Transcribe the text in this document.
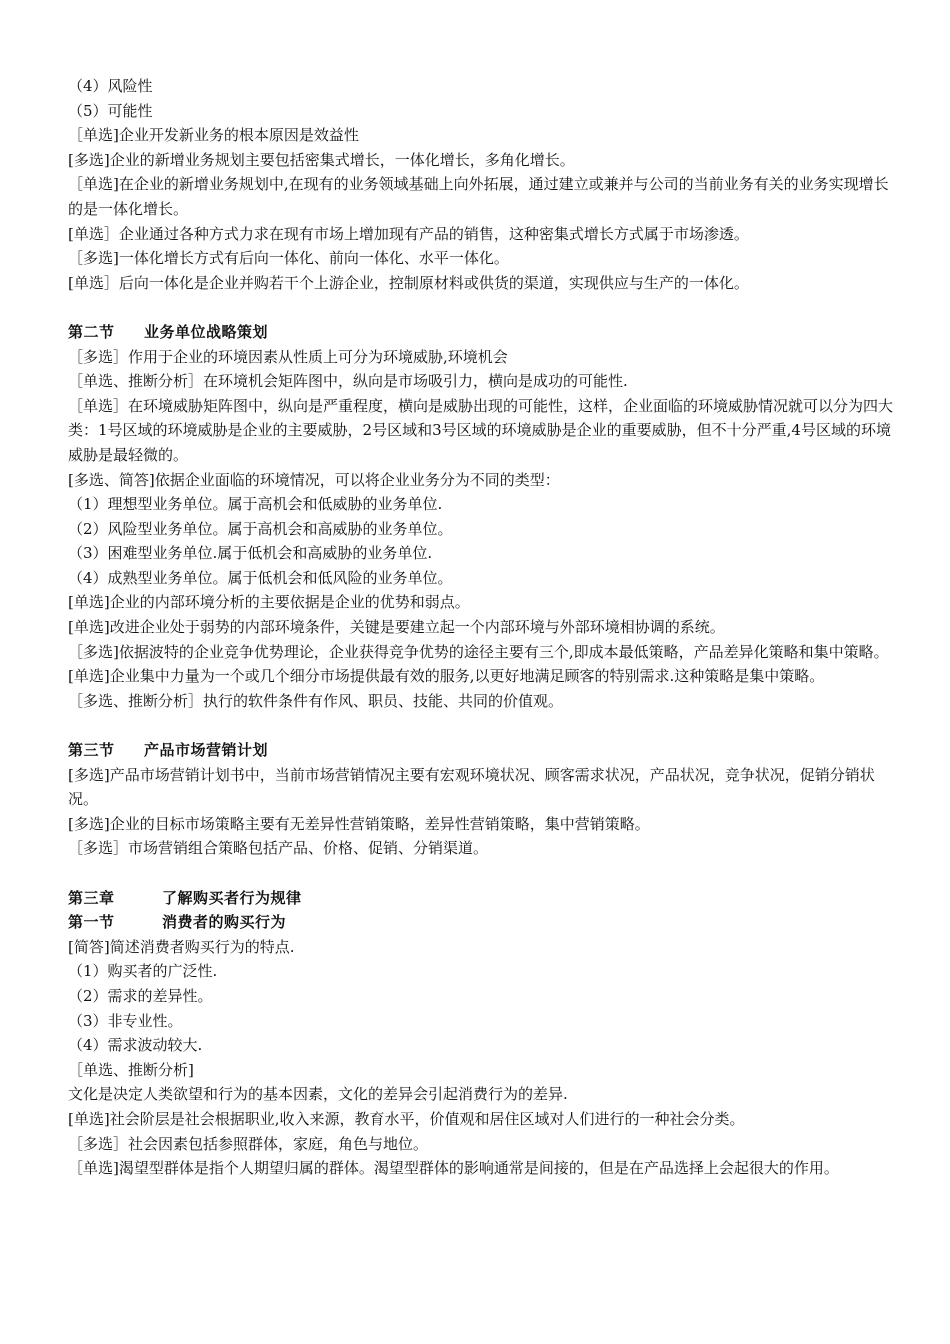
（4）风险性

（5）可能性

［单选]企业开发新业务的根本原因是效益性

[多选]企业的新增业务规划主要包括密集式增长，一体化增长，多角化增长。

［单选]在企业的新增业务规划中,在现有的业务领域基础上向外拓展，通过建立或兼并与公司的当前业务有关的业务实现增长的是一体化增长。

[单选］企业通过各种方式力求在现有市场上增加现有产品的销售，这种密集式增长方式属于市场渗透。

［多选]一体化增长方式有后向一体化、前向一体化、水平一体化。

[单选］后向一体化是企业并购若干个上游企业，控制原材料或供货的渠道，实现供应与生产的一体化。

第二节 业务单位战略策划

［多选］作用于企业的环境因素从性质上可分为环境威胁,环境机会

［单选、推断分析］在环境机会矩阵图中，纵向是市场吸引力，横向是成功的可能性.

［单选］在环境威胁矩阵图中，纵向是严重程度，横向是威胁出现的可能性，这样，企业面临的环境威胁情况就可以分为四大类：1号区域的环境威胁是企业的主要威胁，2号区域和3号区域的环境威胁是企业的重要威胁，但不十分严重,4号区域的环境威胁是最轻微的。

[多选、简答]依据企业面临的环境情况，可以将企业业务分为不同的类型：

（1）理想型业务单位。属于高机会和低威胁的业务单位.

（2）风险型业务单位。属于高机会和高威胁的业务单位。

（3）困难型业务单位.属于低机会和高威胁的业务单位.

（4）成熟型业务单位。属于低机会和低风险的业务单位。

[单选]企业的内部环境分析的主要依据是企业的优势和弱点。

[单选]改进企业处于弱势的内部环境条件，关键是要建立起一个内部环境与外部环境相协调的系统。

［多选]依据波特的企业竞争优势理论，企业获得竞争优势的途径主要有三个,即成本最低策略，产品差异化策略和集中策略。

[单选]企业集中力量为一个或几个细分市场提供最有效的服务,以更好地满足顾客的特别需求.这种策略是集中策略。

［多选、推断分析］执行的软件条件有作风、职员、技能、共同的价值观。

第三节 产品市场营销计划

[多选]产品市场营销计划书中，当前市场营销情况主要有宏观环境状况、顾客需求状况，产品状况，竞争状况，促销分销状况。

[多选]企业的目标市场策略主要有无差异性营销策略，差异性营销策略，集中营销策略。

［多选］市场营销组合策略包括产品、价格、促销、分销渠道。

第三章	了解购买者行为规律

第一节	消费者的购买行为

[简答]简述消费者购买行为的特点.

（1）购买者的广泛性.

（2）需求的差异性。

（3）非专业性。

（4）需求波动较大.

［单选、推断分析]

文化是决定人类欲望和行为的基本因素，文化的差异会引起消费行为的差异.

[单选]社会阶层是社会根据职业,收入来源，教育水平，价值观和居住区域对人们进行的一种社会分类。

［多选］社会因素包括参照群体，家庭，角色与地位。

［单选]渴望型群体是指个人期望归属的群体。渴望型群体的影响通常是间接的，但是在产品选择上会起很大的作用。
